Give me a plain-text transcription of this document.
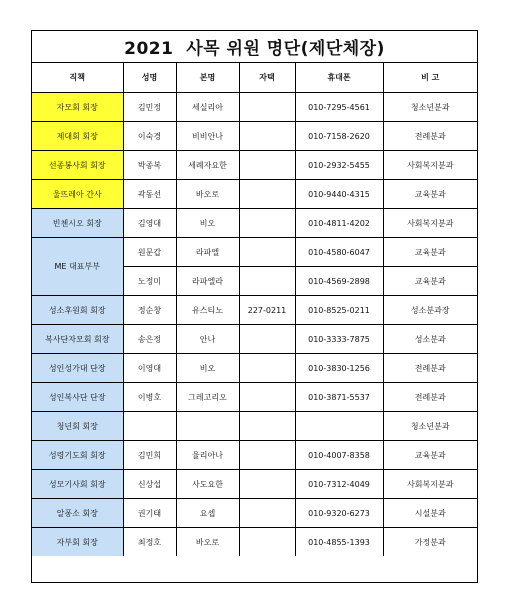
2021  사목 위원 명단(제단체장)
직책	성명	본명	자택	휴대폰	비 고
자모회 회장	김민정	세실리아		010-7295-4561	청소년분과
제대회 회장	이숙경	비비안나		010-7158-2620	전례분과
선종봉사회 회장	박종복	세례자요한		010-2932-5455	사회복지분과
울뜨레아 간사	곽동선	바오로		010-9440-4315	교육분과
빈첸시오 회장	김영대	비오		010-4811-4202	사회복지분과
ME 대표부부	원문갑	라파엘		010-4580-6047	교육분과
	노정미	라파엘라		010-4569-2898	교육분과
성소후원회 회장	정순창	유스티노	227-0211	010-8525-0211	성소분과장
복사단자모회 회장	송은정	안나		010-3333-7875	성소분과
성인성가대 단장	이영대	비오		010-3830-1256	전례분과
성인복사단 단장	이병호	그레고리오		010-3871-5537	전례분과
청년회 회장					청소년분과
성령기도회 회장	김민희	율리아나		010-4007-8358	교육분과
성모기사회 회장	신상섭	사도요한		010-7312-4049	사회복지분과
알퐁소 회장	권기태	요셉		010-9320-6273	시설분과
자부회 회장	최정호	바오로		010-4855-1393	가정분과
